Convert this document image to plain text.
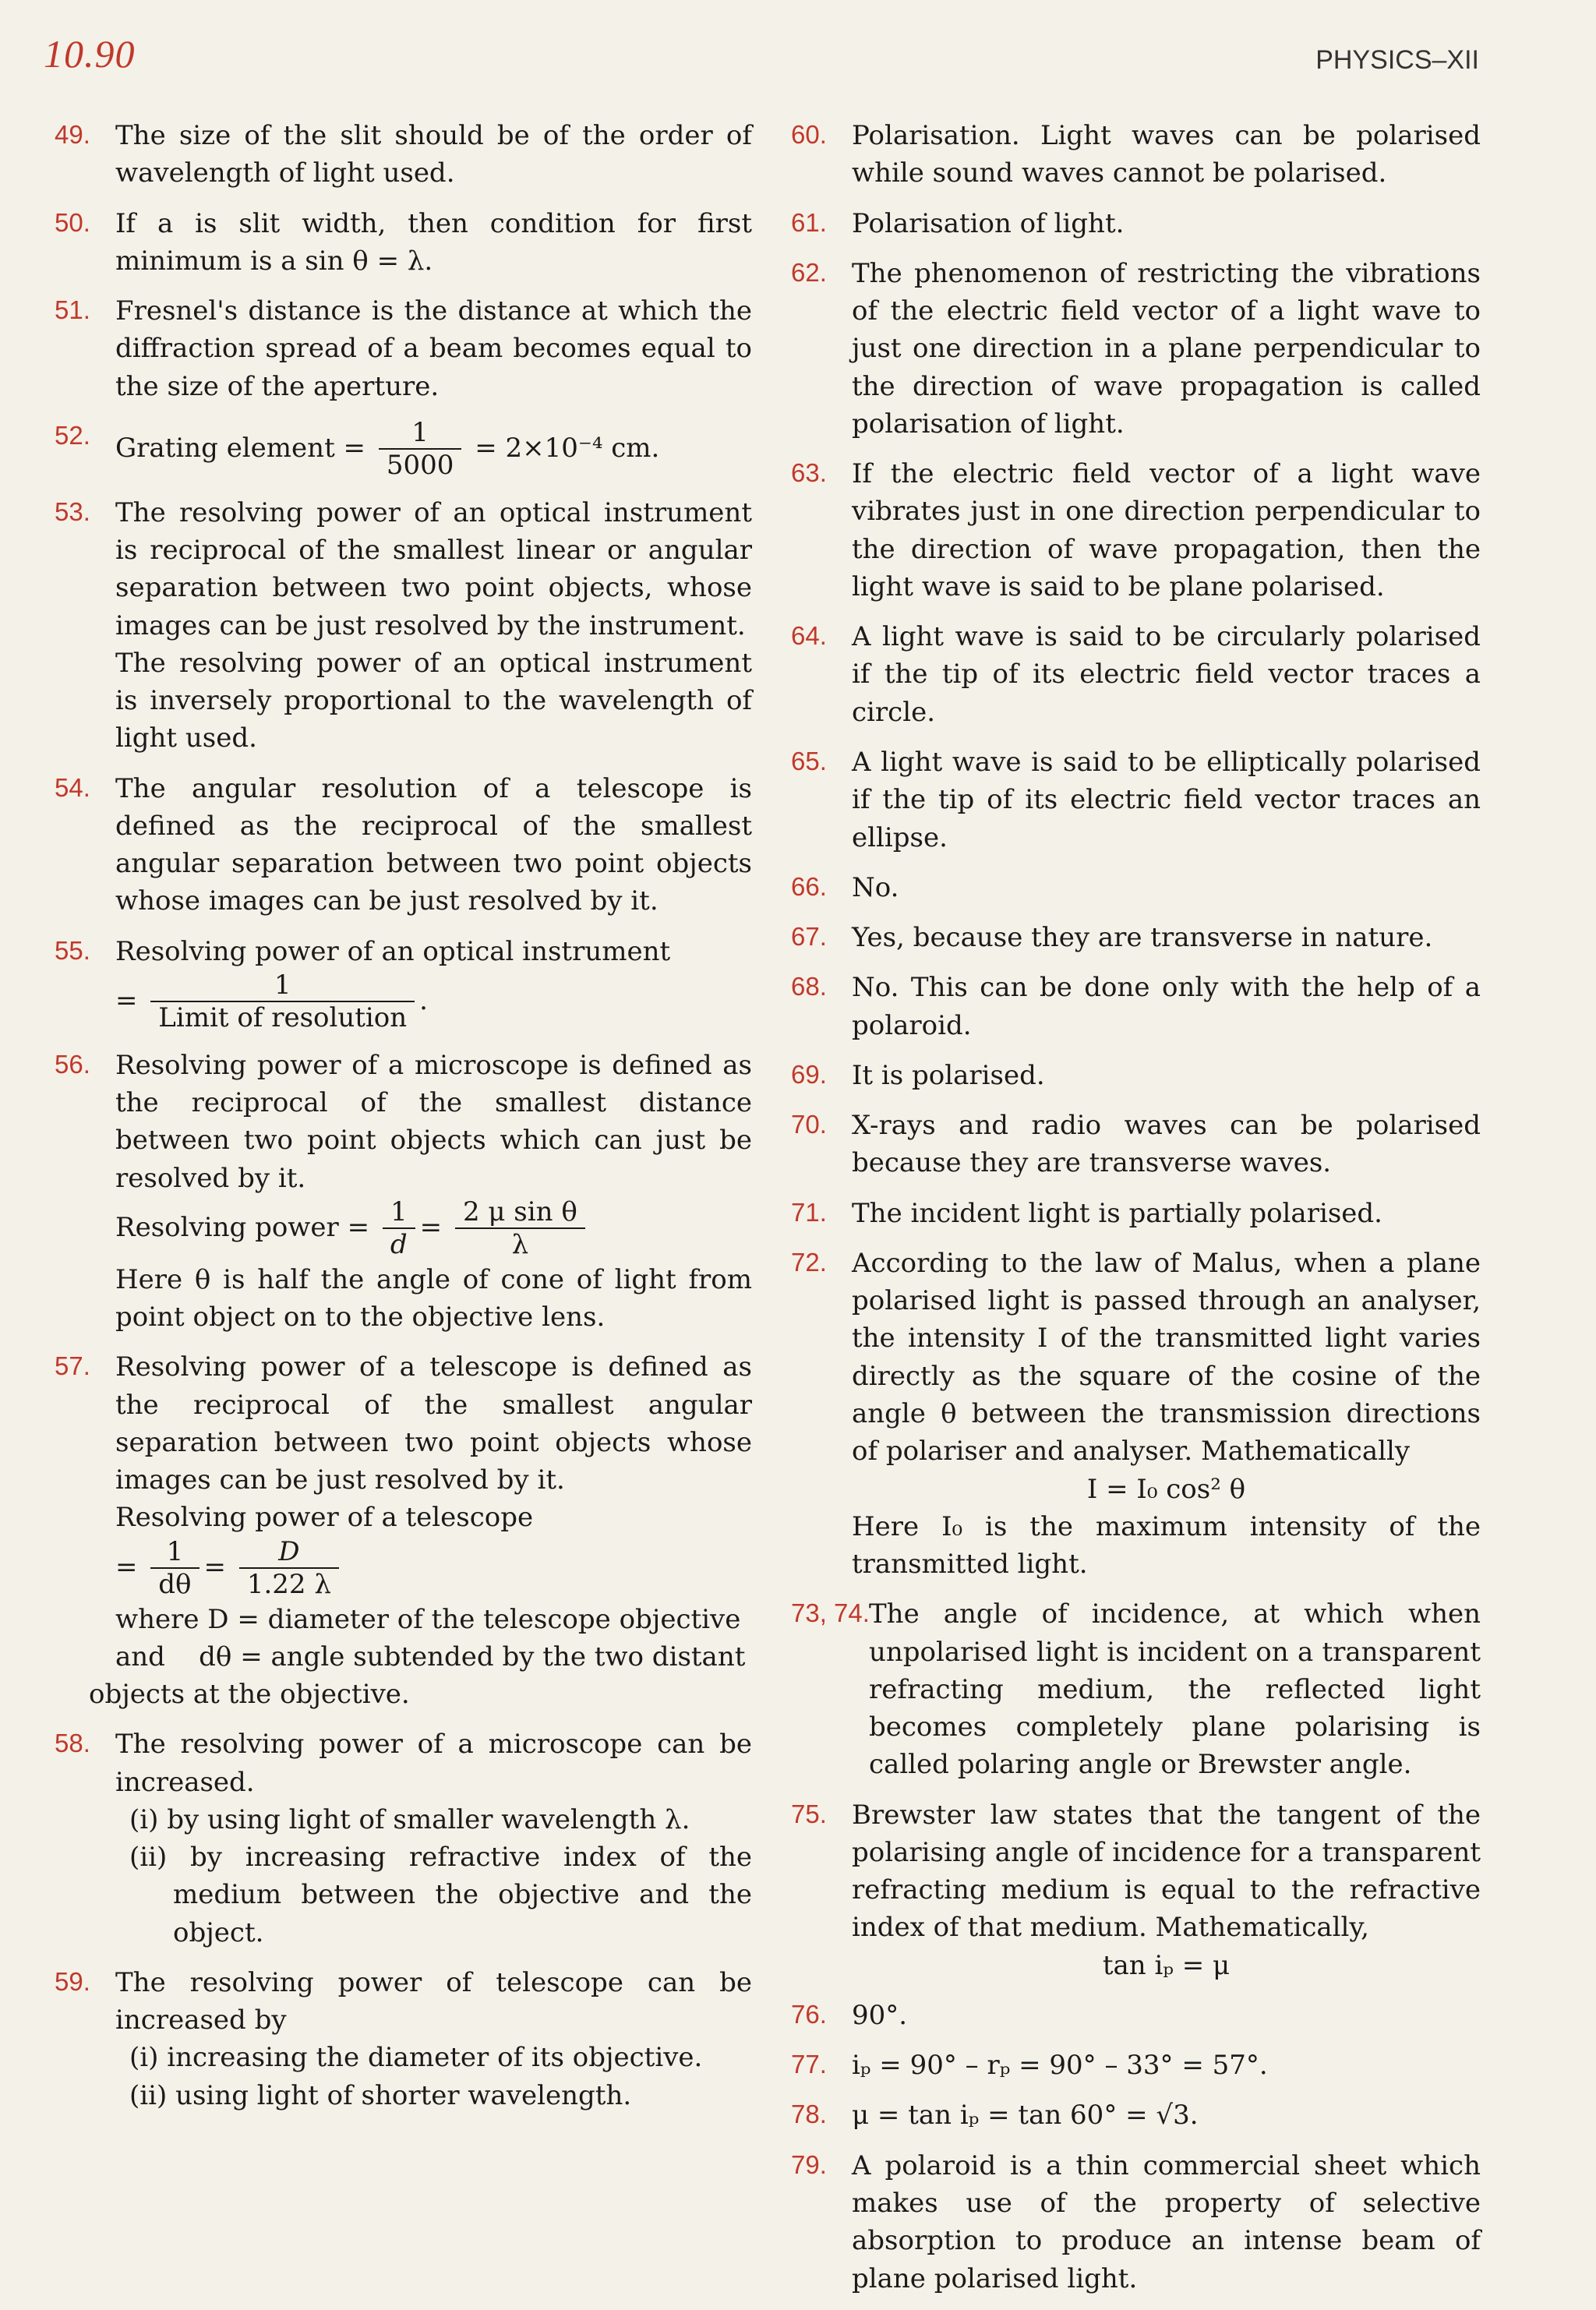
10.90	PHYSICS–XII
49. The size of the slit should be of the order of wavelength of light used.

50. If a is slit width, then condition for first minimum is a sin θ = λ.

51. Fresnel's distance is the distance at which the diffraction spread of a beam becomes equal to the size of the aperture.

52. Grating element = $\frac{1}{5000} = 2\times 10^{-4}$ cm.

53. The resolving power of an optical instrument is reciprocal of the smallest linear or angular separation between two point objects, whose images can be just resolved by the instrument.

The resolving power of an optical instrument is inversely proportional to the wavelength of light used.

54. The angular resolution of a telescope is defined as the reciprocal of the smallest angular separation between two point objects whose images can be just resolved by it.

55. Resolving power of an optical instrument

= $\frac{1}{\text{Limit of resolution}}$ .

56. Resolving power of a microscope is defined as the reciprocal of the smallest distance between two point objects which can just be resolved by it.

Resolving power = $\frac{1}{d} = \frac{\text{2 μ sin θ}}{\lambda}$

Here θ is half the angle of cone of light from point object on to the objective lens.

57. Resolving power of a telescope is defined as the reciprocal of the smallest angular separation between two point objects whose images can be just resolved by it.

Resolving power of a telescope

= $\frac{1}{d\theta} = \frac{D}{1.22 \lambda}$

where D = diameter of the telescope objective

and    dθ = angle subtended by the two distant

objects at the objective.

58. The resolving power of a microscope can be increased.

(i) by using light of smaller wavelength λ.

(ii) by increasing refractive index of the medium between the objective and the object.

59. The resolving power of telescope can be increased by

(i) increasing the diameter of its objective.

(ii) using light of shorter wavelength.

60. Polarisation. Light waves can be polarised while sound waves cannot be polarised.

61. Polarisation of light.

62. The phenomenon of restricting the vibrations of the electric field vector of a light wave to just one direction in a plane perpendicular to the direction of wave propagation is called polarisation of light.

63. If the electric field vector of a light wave vibrates just in one direction perpendicular to the direction of wave propagation, then the light wave is said to be plane polarised.

64. A light wave is said to be circularly polarised if the tip of its electric field vector traces a circle.

65. A light wave is said to be elliptically polarised if the tip of its electric field vector traces an ellipse.

66. No.

67. Yes, because they are transverse in nature.

68. No. This can be done only with the help of a polaroid.

69. It is polarised.

70. X-rays and radio waves can be polarised because they are transverse waves.

71. The incident light is partially polarised.

72. According to the law of Malus, when a plane polarised light is passed through an analyser, the intensity I of the transmitted light varies directly as the square of the cosine of the angle θ between the transmission directions of polariser and analyser. Mathematically

I = I₀ cos² θ

Here I₀ is the maximum intensity of the transmitted light.

73, 74. The angle of incidence, at which when unpolarised light is incident on a transparent refracting medium, the reflected light becomes completely plane polarising is called polaring angle or Brewster angle.

75. Brewster law states that the tangent of the polarising angle of incidence for a transparent refracting medium is equal to the refractive index of that medium. Mathematically,

tan iₚ = μ

76. 90°.

77. iₚ = 90° – rₚ = 90° – 33° = 57°.

78. μ = tan iₚ = tan 60° = √3.

79. A polaroid is a thin commercial sheet which makes use of the property of selective absorption to produce an intense beam of plane polarised light.
